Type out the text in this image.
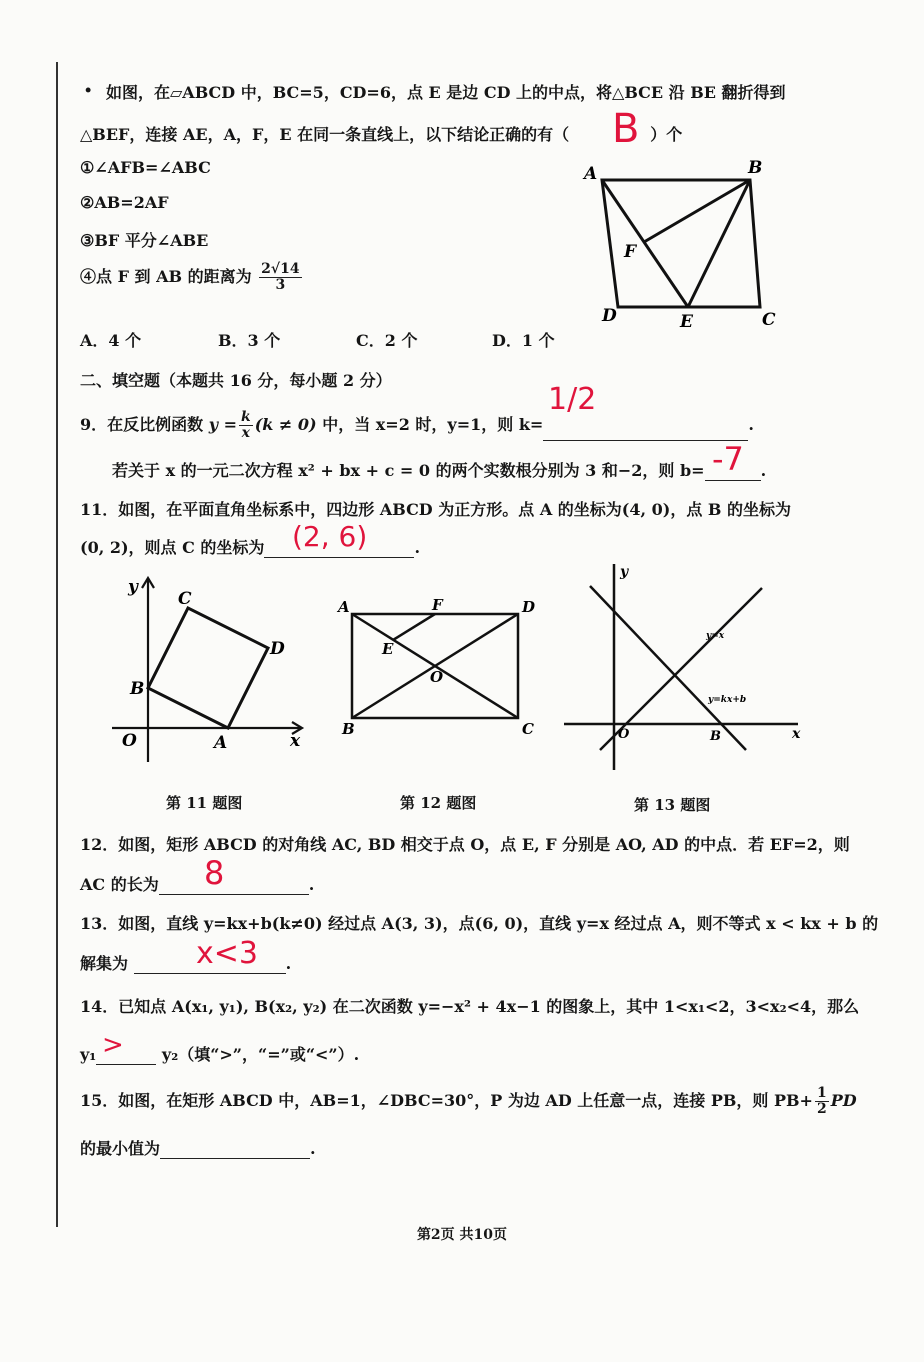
∙ 如图，在▱ABCD 中，BC=5，CD=6，点 E 是边 CD 上的中点，将△BCE 沿 BE 翻折得到
△BEF，连接 AE，A，F，E 在同一条直线上，以下结论正确的有（	）个
B
①∠AFB=∠ABC
②AB=2AF
③BF 平分∠ABE
④点 F 到 AB 的距离为 $\frac{2√14}{3}$
A．4 个	B．3 个	C．2 个	D．1 个
A	B
C
D	E
F
二、填空题（本题共 16 分，每小题 2 分）
9．在反比例函数 $y = \frac{k}{x} (k \ne 0)$ 中，当 x=2 时，y=1，则 k=	.
1/2
若关于 x 的一元二次方程 x² + bx + c = 0 的两个实数根分别为 3 和−2，则 b=	.
-7
11．如图，在平面直角坐标系中，四边形 ABCD 为正方形。点 A 的坐标为(4, 0)，点 B 的坐标为
(0, 2)，则点 C 的坐标为	.
(2, 6)
y
C
D
B
O	A	x
第 11 题图
A	F	D
E
O
B	C
第 12 题图
y
y=x
y=kx+b
O	B	x
第 13 题图
12．如图，矩形 ABCD 的对角线 AC, BD 相交于点 O，点 E, F 分别是 AO, AD 的中点．若 EF=2，则
AC 的长为	.
8
13．如图，直线 y=kx+b(k≠0) 经过点 A(3, 3)，点(6, 0)，直线 y=x 经过点 A，则不等式 x < kx + b 的
解集为	.
x<3
14．已知点 A(x₁, y₁), B(x₂, y₂) 在二次函数 y=−x² + 4x−1 的图象上，其中 1<x₁<2，3<x₂<4，那么
y₁	y₂（填“>”，“=”或“<”）.
>
15．如图，在矩形 ABCD 中，AB=1，∠DBC=30°，P 为边 AD 上任意一点，连接 PB，则 $PB+ \frac{1}{2}$ PD
的最小值为	.
第2页 共10页
